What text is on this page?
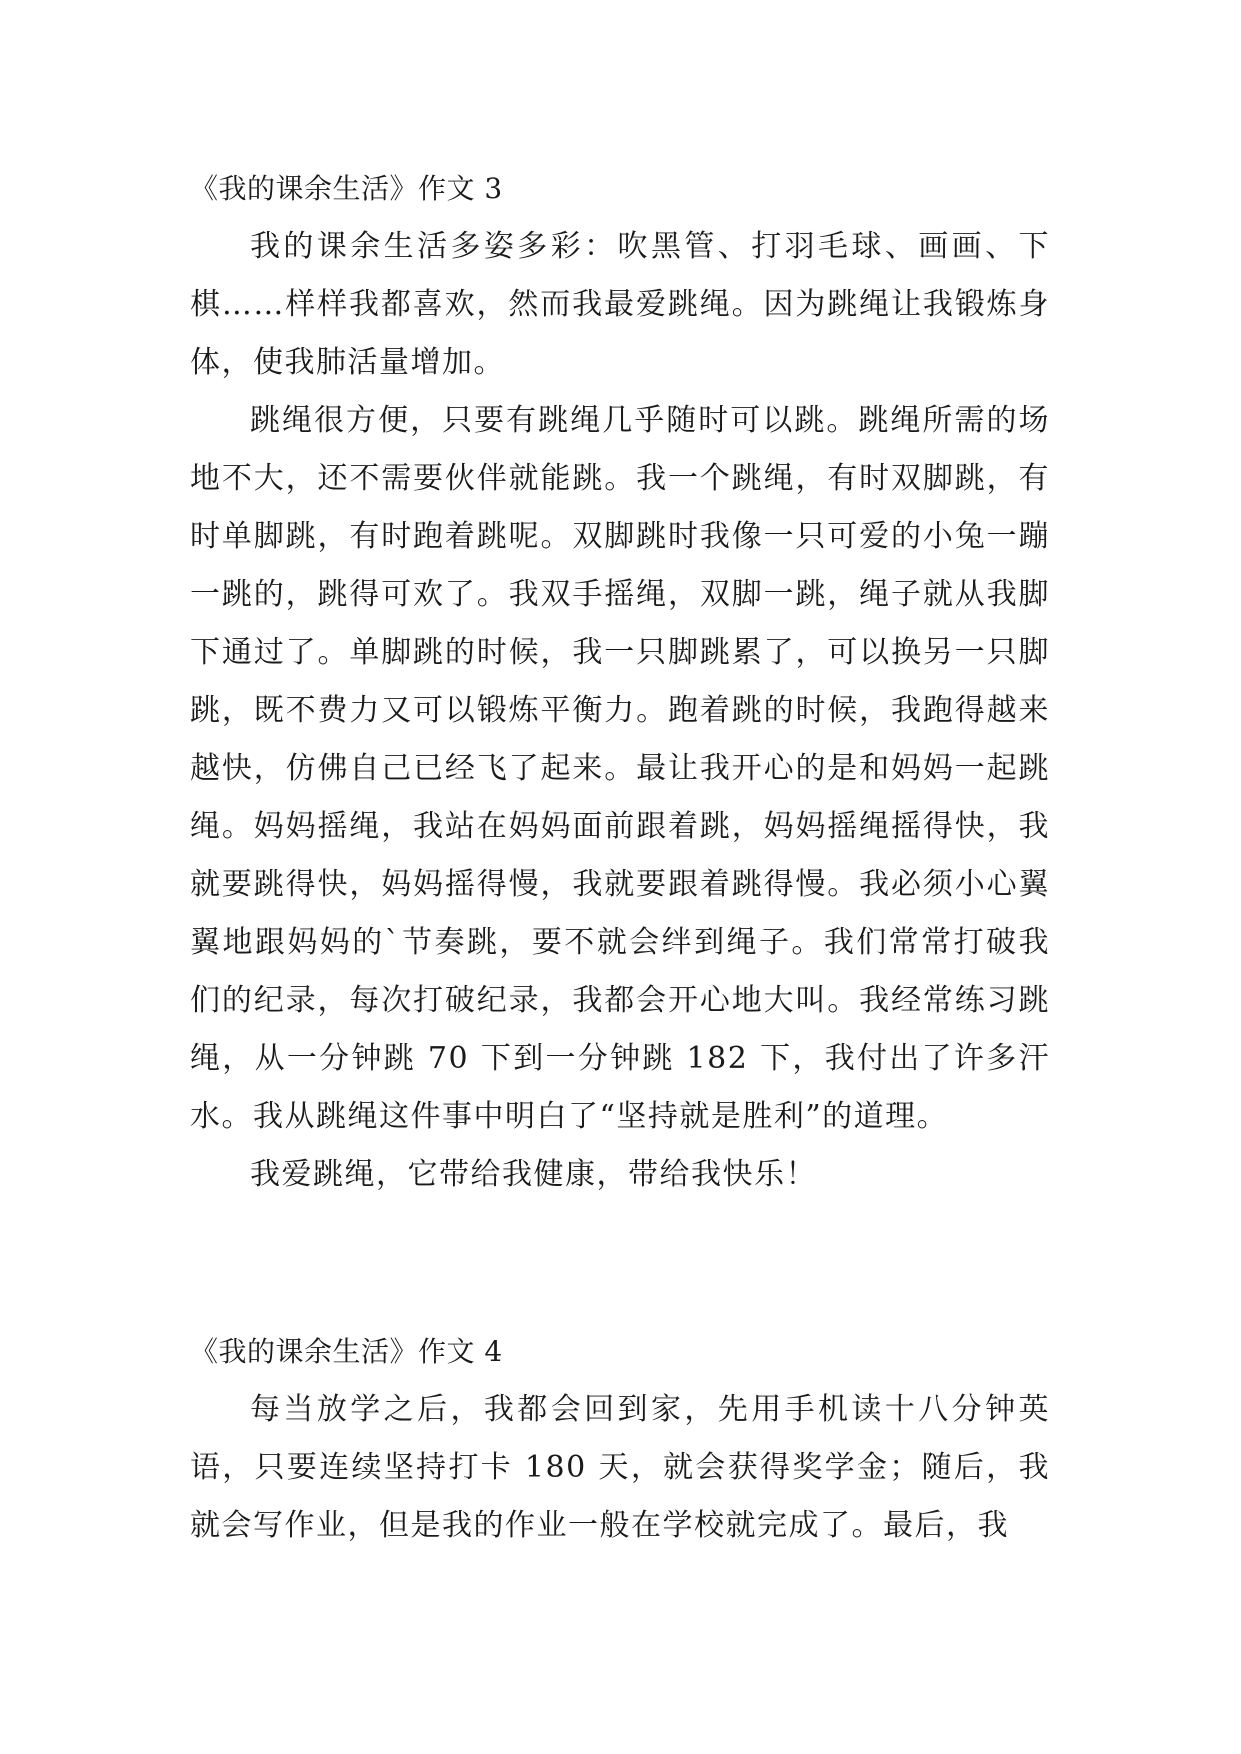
《我的课余生活》作文 3

我的课余生活多姿多彩：吹黑管、打羽毛球、画画、下棋……样样我都喜欢，然而我最爱跳绳。因为跳绳让我锻炼身体，使我肺活量增加。

跳绳很方便，只要有跳绳几乎随时可以跳。跳绳所需的场地不大，还不需要伙伴就能跳。我一个跳绳，有时双脚跳，有时单脚跳，有时跑着跳呢。双脚跳时我像一只可爱的小兔一蹦一跳的，跳得可欢了。我双手摇绳，双脚一跳，绳子就从我脚下通过了。单脚跳的时候，我一只脚跳累了，可以换另一只脚跳，既不费力又可以锻炼平衡力。跑着跳的时候，我跑得越来越快，仿佛自己已经飞了起来。最让我开心的是和妈妈一起跳绳。妈妈摇绳，我站在妈妈面前跟着跳，妈妈摇绳摇得快，我就要跳得快，妈妈摇得慢，我就要跟着跳得慢。我必须小心翼翼地跟妈妈的`节奏跳，要不就会绊到绳子。我们常常打破我们的纪录，每次打破纪录，我都会开心地大叫。我经常练习跳绳，从一分钟跳 70 下到一分钟跳 182 下，我付出了许多汗水。我从跳绳这件事中明白了“坚持就是胜利”的道理。

我爱跳绳，它带给我健康，带给我快乐！

《我的课余生活》作文 4

每当放学之后，我都会回到家，先用手机读十八分钟英语，只要连续坚持打卡 180 天，就会获得奖学金；随后，我就会写作业，但是我的作业一般在学校就完成了。最后，我
